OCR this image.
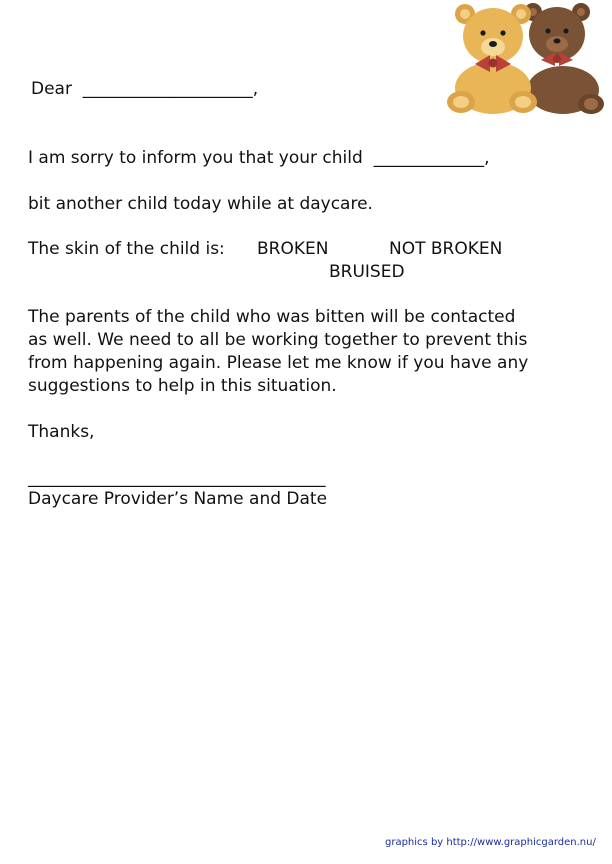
Dear  ____________________,
I am sorry to inform you that your child  _____________,
bit another child today while at daycare.
The skin of the child is: BROKEN	NOT BROKEN
BRUISED
The parents of the child who was bitten will be contacted
as well. We need to all be working together to prevent this
from happening again. Please let me know if you have any
suggestions to help in this situation.
Thanks,
___________________________________
Daycare Provider’s Name and Date
graphics by http://www.graphicgarden.nu/
